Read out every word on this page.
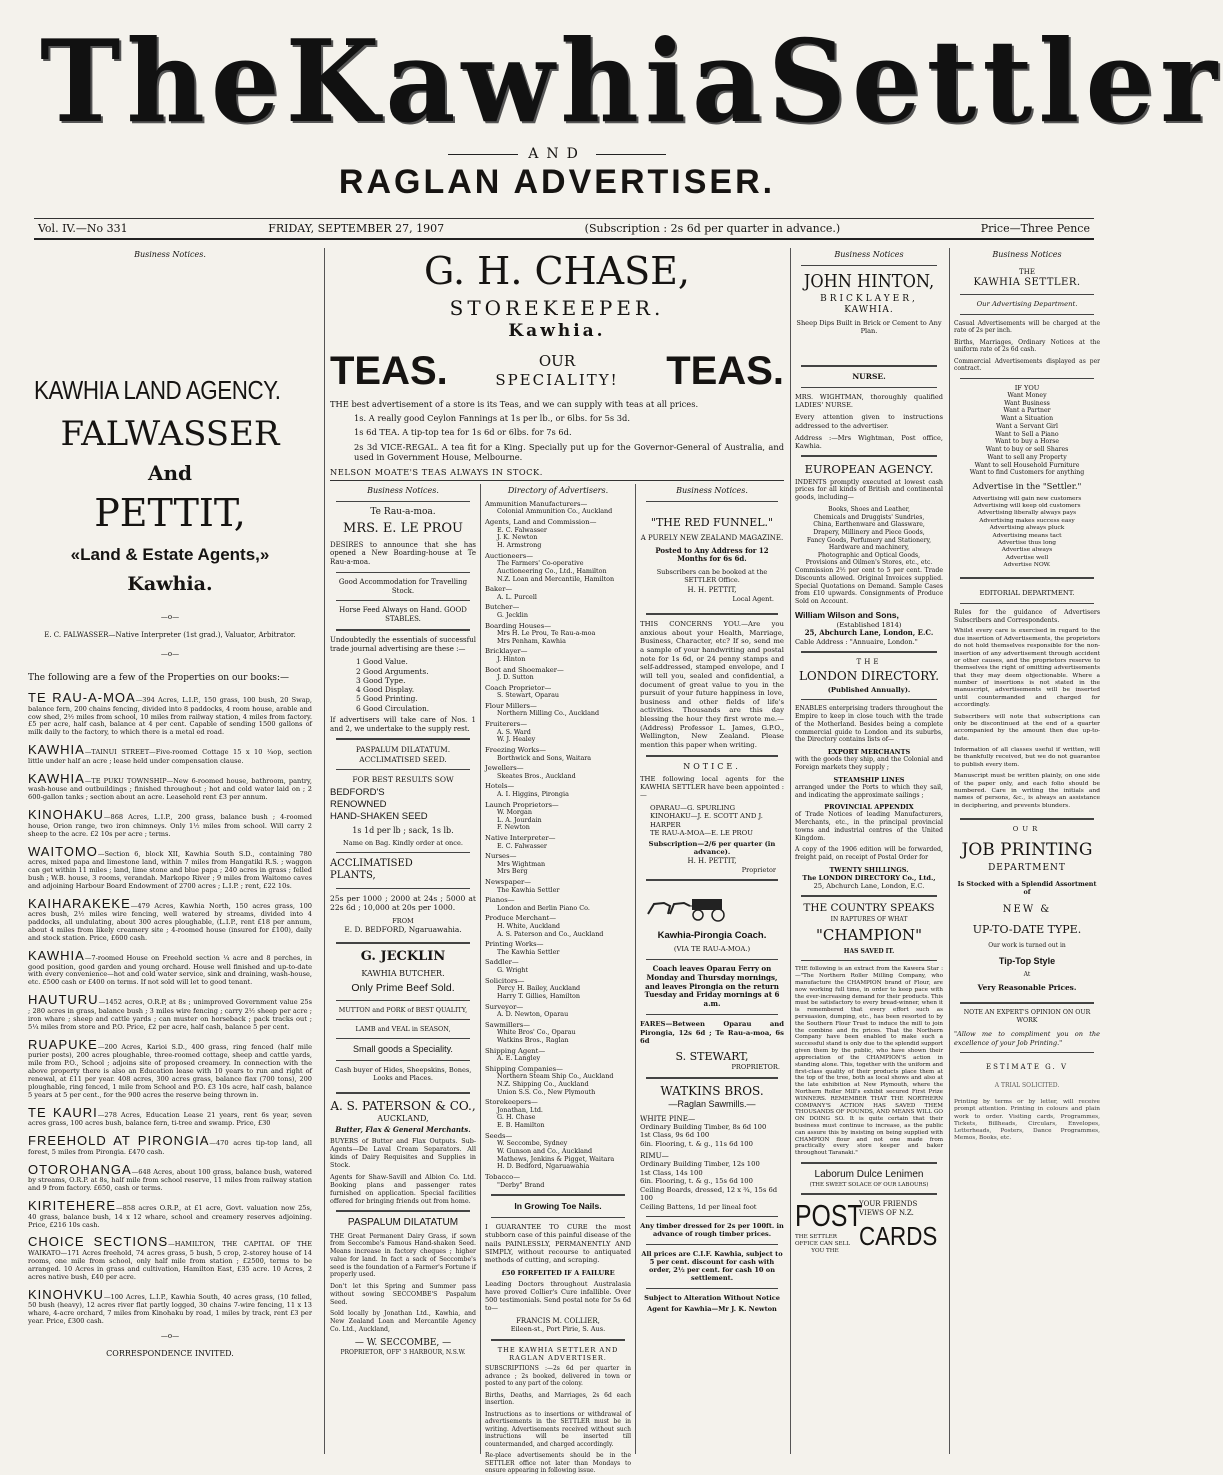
The Kawhia Settler
AND
RAGLAN ADVERTISER.
Vol. IV.—No 331	FRIDAY, SEPTEMBER 27, 1907	(Subscription : 2s 6d per quarter in advance.)	Price—Three Pence
Business Notices.
KAWHIA LAND AGENCY.
FALWASSER
And
PETTIT,
«Land & Estate Agents,»
Kawhia.
—o—
E. C. FALWASSER—Native Interpreter (1st grad.), Valuator, Arbitrator.
—o—
The following are a few of the Properties on our books:—
TE RAU-A-MOA—394 Acres, L.I.P., 150 grass, 100 bush, 20 Swap, balance fern, 200 chains fencing, divided into 8 paddocks, 4 room house, arable and cow shed, 2½ miles from school, 10 miles from railway station, 4 miles from factory. £5 per acre, half cash, balance at 4 per cent. Capable of sending 1500 gallons of milk daily to the factory, to which there is a metal ed road.
KAWHIA—TAINUI STREET—Five-roomed Cottage 15 x 10 ¼op, section little under half an acre ; lease held under compensation clause.
KAWHIA—TE PUKU TOWNSHIP—New 6-roomed house, bathroom, pantry, wash-house and outbuildings ; finished throughout ; hot and cold water laid on ; 2 600-gallon tanks ; section about an acre. Leasehold rent £3 per annum.
KINOHAKU—868 Acres, L.I.P., 200 grass, balance bush ; 4-roomed house, Orion range, two iron chimneys. Only 1½ miles from school. Will carry 2 sheep to the acre. £2 10s per acre ; terms.
WAITOMO—Section 6, block XII, Kawhia South S.D., containing 780 acres, mixed papa and limestone land, within 7 miles from Hangatiki R.S. ; waggon can get within 11 miles ; land, lime stone and blue papa ; 240 acres in grass ; felled bush ; W.B. house, 3 rooms, verandah. Markopo River ; 9 miles from Waitomo caves and adjoining Harbour Board Endowment of 2700 acres ; L.I.P. ; rent, £22 10s.
KAIHARAKEKE—479 Acres, Kawhia North, 150 acres grass, 100 acres bush, 2½ miles wire fencing, well watered by streams, divided into 4 paddocks, all undulating, about 300 acres ploughable, (L.I.P., rent £18 per annum, about 4 miles from likely creamery site ; 4-roomed house (insured for £100), daily and stock station. Price, £600 cash.
KAWHIA—7-roomed House on Freehold section ¼ acre and 8 perches, in good position, good garden and young orchard. House well finished and up-to-date with every convenience—hot and cold water service, sink and draining, wash-house, etc. £500 cash or £400 on terms. If not sold will let to good tenant.
HAUTURU—1452 acres, O.R.P, at 8s ; unimproved Government value 25s ; 280 acres in grass, balance bush ; 3 miles wire fencing ; carry 2½ sheep per acre ; iron whare ; sheep and cattle yards ; can muster on horseback ; pack tracks out ; 5¼ miles from store and P.O. Price, £2 per acre, half cash, balance 5 per cent.
RUAPUKE—200 Acres, Karioi S.D., 400 grass, ring fenced (half mile purier posts), 200 acres ploughable, three-roomed cottage, sheep and cattle yards, mile from P.O., School ; adjoins site of proposed creamery. In connection with the above property there is also an Education lease with 10 years to run and right of renewal, at £11 per year. 408 acres, 300 acres grass, balance flax (700 tons), 200 ploughable, ring fenced, 1 mile from School and P.O. £3 10s acre, half cash, balance 5 years at 5 per cent., for the 900 acres the reserve being thrown in.
TE KAURI—278 Acres, Education Lease 21 years, rent 6s year, seven acres grass, 100 acres bush, balance fern, ti-tree and swamp. Price, £30
FREEHOLD AT PIRONGIA—470 acres tip-top land, all forest, 5 miles from Pirongia. £470 cash.
OTOROHANGA—648 Acres, about 100 grass, balance bush, watered by streams, O.R.P. at 8s, half mile from school reserve, 11 miles from railway station and 9 from factory. £650, cash or terms.
KIRITEHERE—858 acres O.R.P., at £1 acre, Govt. valuation now 25s, 40 grass, balance bush, 14 x 12 whare, school and creamery reserves adjoining. Price, £216 10s cash.
CHOICE SECTIONS—HAMILTON, THE CAPITAL OF THE WAIKATO—171 Acres freehold, 74 acres grass, 5 bush, 5 crop, 2-storey house of 14 rooms, one mile from school, only half mile from station ; £2500, terms to be arranged. 10 Acres in grass and cultivation, Hamilton East, £35 acre. 10 Acres, 2 acres native bush, £40 per acre.
KINOHVKU—100 Acres, L.I.P., Kawhia South, 40 acres grass, (10 felled, 50 bush (heavy), 12 acres river flat partly logged, 30 chains 7-wire fencing, 11 x 13 whare, 4-acre orchard, 7 miles from Kinohaku by road, 1 miles by track, rent £3 per year. Price, £300 cash.
—o—
CORRESPONDENCE INVITED.
G. H. CHASE,
STOREKEEPER.
Kawhia.
TEAS.	OUR
SPECIALITY! TEAS.

THE best advertisement of a store is its Teas, and we can supply with teas at all prices.

1s. A really good Ceylon Fannings at 1s per lb., or 6lbs. for 5s 3d.

1s 6d TEA. A tip-top tea for 1s 6d or 6lbs. for 7s 6d.

2s 3d VICE-REGAL. A tea fit for a King. Specially put up for the Governor-General of Australia, and used in Government House, Melbourne.

NELSON MOATE'S TEAS ALWAYS IN STOCK.

Business Notices.
Te Rau-a-moa.
MRS. E. LE PROU

DESIRES to announce that she has opened a New Boarding-house at Te Rau-a-moa.

Good Accommodation for Travelling Stock.
Horse Feed Always on Hand. GOOD STABLES.

Undoubtedly the essentials of successful trade journal advertising are these :—

1 Good Value.
2 Good Arguments.
3 Good Type.
4 Good Display.
5 Good Printing.
6 Good Circulation.

If advertisers will take care of Nos. 1 and 2, we undertake to the supply rest.

PASPALUM DILATATUM.
ACCLIMATISED SEED.
FOR BEST RESULTS SOW
BEDFORD'S
RENOWNED
HAND-SHAKEN SEED
1s 1d per lb ; sack, 1s lb.
Name on Bag. Kindly order at once.
ACCLIMATISED
PLANTS,

25s per 1000 ; 2000 at 24s ; 5000 at 22s 6d ; 10,000 at 20s per 1000.

FROM
E. D. BEDFORD, Ngaruawahia.
G. JECKLIN
KAWHIA BUTCHER.
Only Prime Beef Sold.
MUTTON and PORK of BEST QUALITY,
LAMB and VEAL in SEASON,
Small goods a Speciality.
Cash buyer of Hides, Sheepskins, Bones, Looks and Places.
A. S. PATERSON & CO.,
AUCKLAND,
Butter, Flax & General Merchants.

BUYERS of Butter and Flax Outputs. Sub-Agents—De Laval Cream Separators. All kinds of Dairy Requisites and Supplies in Stock.

Agents for Shaw-Savill and Albion Co. Ltd. Booking plans and passenger rates furnished on application. Special facilities offered for bringing friends out from home.

PASPALUM DILATATUM

THE Great Permanent Dairy Grass, if sown from Seccombe's Famous Hand-shaken Seed. Means increase in factory cheques ; higher value for land. In fact a sack of Seccombe's seed is the foundation of a Farmer's Fortune if properly used.

Don't let this Spring and Summer pass without sowing SECCOMBE'S Paspalum Seed.

Sold locally by Jonathan Ltd., Kawhia, and New Zealand Loan and Mercantile Agency Co. Ltd., Auckland,

— W. SECCOMBE, —
PROPRIETOR, OFF' 3 HARBOUR, N.S.W.
Directory of Advertisers.
Ammunition Manufacturers—
Colonial Ammunition Co., Auckland
Agents, Land and Commission—
E. C. Falwasser
J. K. Newton
H. Armstrong
Auctioneers—
The Farmers' Co-operative Auctioneering Co., Ltd., Hamilton
N.Z. Loan and Mercantile, Hamilton
Baker—
A. L. Purcell
Butcher—
G. Jecklin
Boarding Houses—
Mrs H. Le Prou, Te Rau-a-moa
Mrs Penham, Kawhia
Bricklayer—
J. Hinton
Boot and Shoemaker—
J. D. Sutton
Coach Proprietor—
S. Stewart, Oparau
Flour Millers—
Northern Milling Co., Auckland
Fruiterers—
A. S. Ward
W. J. Healey
Freezing Works—
Borthwick and Sons, Waitara
Jewellers—
Skeates Bros., Auckland
Hotels—
A. I. Higgins, Pirongia
Launch Proprietors—
W. Morgan
L. A. Jourdain
F. Newton
Native Interpreter—
E. C. Falwasser
Nurses—
Mrs Wightman
Mrs Berg
Newspaper—
The Kawhia Settler
Pianos—
London and Berlin Piano Co.
Produce Merchant—
H. White, Auckland
A. S. Paterson and Co., Auckland
Printing Works—
The Kawhia Settler
Saddler—
G. Wright
Solicitors—
Percy H. Bailey, Auckland
Harry T. Gillies, Hamilton
Surveyor—
A. D. Newton, Oparau
Sawmillers—
White Bros' Co., Oparau
Watkins Bros., Raglan
Shipping Agent—
A. E. Langley
Shipping Companies—
Northern Steam Ship Co., Auckland
N.Z. Shipping Co., Auckland
Union S.S. Co., New Plymouth
Storekeepers—
Jonathan, Ltd.
G. H. Chase
E. B. Hamilton
Seeds—
W. Seccombe, Sydney
W. Gunson and Co., Auckland
Mathews, Jenkins & Pigget, Waitara
H. D. Bedford, Ngaruawahia
Tobacco—
"Derby" Brand
In Growing Toe Nails.

I GUARANTEE TO CURE the most stubborn case of this painful disease of the nails PAINLESSLY, PERMANENTLY AND SIMPLY, without recourse to antiquated methods of cutting, and scraping.

£50 FORFEITED IF A FAILURE

Leading Doctors throughout Australasia have proved Collier's Cure infallible. Over 500 testimonials. Send postal note for 5s 6d to—

FRANCIS M. COLLIER,
Eileen-st., Port Pirie, S. Aus.
THE KAWHIA SETTLER AND RAGLAN ADVERTISER.

SUBSCRIPTIONS :—2s 6d per quarter in advance ; 2s booked, delivered in town or posted to any part of the colony.

Births, Deaths, and Marriages, 2s 6d each insertion.

Instructions as to insertions or withdrawal of advertisements in the SETTLER must be in writing. Advertisements received without such instructions will be inserted till countermanded, and charged accordingly.

Re-place advertisements should be in the SETTLER office not later than Mondays to ensure appearing in following issue.

Business Notices.
"THE RED FUNNEL."
A PURELY NEW ZEALAND MAGAZINE.
Posted to Any Address for 12 Months for 6s 6d.
Subscribers can be booked at the SETTLER Office.
H. H. PETTIT,
Local Agent.

THIS CONCERNS YOU.—Are you anxious about your Health, Marriage, Business, Character, etc? If so, send me a sample of your handwriting and postal note for 1s 6d, or 24 penny stamps and self-addressed, stamped envelope, and I will tell you, sealed and confidential, a document of great value to you in the pursuit of your future happiness in love, business and other fields of life's activities. Thousands are this day blessing the hour they first wrote me.—(Address) Professor L. James, G.P.O., Wellington, New Zealand. Please mention this paper when writing.

NOTICE.

THE following local agents for the KAWHIA SETTLER have been appointed :—

OPARAU—G. SPURLING
KINOHAKU—J. E. SCOTT AND J. HARPER
TE RAU-A-MOA—E. LE PROU
Subscription—2/6 per quarter (in advance).
H. H. PETTIT,
Proprietor
Kawhia-Pirongia Coach.
(VIA TE RAU-A-MOA.)

Coach leaves Oparau Ferry on Monday and Thursday mornings, and leaves Pirongia on the return Tuesday and Friday mornings at 6 a.m.

FARES—Between Oparau and Pirongia, 12s 6d ; Te Rau-a-moa, 6s 6d

S. STEWART,
PROPRIETOR.
WATKINS BROS.
—Raglan Sawmills.—
WHITE PINE—
Ordinary Building Timber, 8s 6d 100
1st Class, 9s 6d 100
6in. Flooring, t. & g., 11s 6d 100
RIMU—
Ordinary Building Timber, 12s 100
1st Class, 14s 100
6in. Flooring, t. & g., 15s 6d 100
Ceiling Boards, dressed, 12 x ¾, 15s 6d 100
Ceiling Battens, 1d per lineal foot

Any timber dressed for 2s per 100ft. in advance of rough timber prices.

All prices are C.I.F. Kawhia, subject to 5 per cent. discount for cash with order, 2½ per cent. for cash 10 on settlement.

Subject to Alteration Without Notice
Agent for Kawhia—Mr J. K. Newton
Business Notices
JOHN HINTON,
BRICKLAYER,
KAWHIA.
Sheep Dips Built in Brick or Cement to Any Plan.
NURSE.

MRS. WIGHTMAN, thoroughly qualified LADIES' NURSE.

Every attention given to instructions addressed to the advertiser.

Address :—Mrs Wightman, Post office, Kawhia.

EUROPEAN AGENCY.

INDENTS promptly executed at lowest cash prices for all kinds of British and continental goods, including—

Books, Shoes and Leather,
Chemicals and Druggists' Sundries,
China, Earthenware and Glassware,
Drapery, Millinery and Piece Goods,
Fancy Goods, Perfumery and Stationery,
Hardware and machinery,
Photographic and Optical Goods,
Provisions and Oilmen's Stores, etc., etc.

Commission 2½ per cent to 5 per cent. Trade Discounts allowed. Original Invoices supplied. Special Quotations on Demand. Sample Cases from £10 upwards. Consignments of Produce Sold on Account.

William Wilson and Sons,
(Established 1814)
25, Abchurch Lane, London, E.C.
Cable Address : "Annuaire, London."
THE
LONDON DIRECTORY.
(Published Annually).

ENABLES enterprising traders throughout the Empire to keep in close touch with the trade of the Motherland. Besides being a complete commercial guide to London and its suburbs, the Directory contains lists of—

EXPORT MERCHANTS

with the goods they ship, and the Colonial and Foreign markets they supply ;

STEAMSHIP LINES

arranged under the Ports to which they sail, and indicating the approximate sailings ;

PROVINCIAL APPENDIX

of Trade Notices of leading Manufacturers, Merchants, etc., in the principal provincial towns and industrial centres of the United Kingdom.

A copy of the 1906 edition will be forwarded, freight paid, on receipt of Postal Order for

TWENTY SHILLINGS.
The LONDON DIRECTORY Co., Ltd.,
25, Abchurch Lane, London, E.C.
THE COUNTRY SPEAKS
IN RAPTURES OF WHAT
"CHAMPION"
HAS SAVED IT.

THE following is an extract from the Kawera Star :—"The Northern Roller Milling Company, who manufacture the CHAMPION brand of Flour, are now working full time, in order to keep pace with the ever-increasing demand for their products. This must be satisfactory to every bread-winner, when it is remembered that every effort such as persuasion, dumping, etc., has been resorted to by the Southern Flour Trust to induce the mill to join the combine and fix prices. That the Northern Company have been enabled to make such a successful stand is only due to the splendid support given them by the public, who have shown their appreciation of the CHAMPION'S action in standing alone. This, together with the uniform and first-class quality of their products place them at the top of the tree, both as local shows and also at the late exhibition at New Plymouth, where the Northern Roller Mill's exhibit secured First Prize WINNERS. REMEMBER THAT THE NORTHERN COMPANY'S ACTION HAS SAVED THEM THOUSANDS OF POUNDS, AND MEANS WILL GO ON DOING SO. It is quite certain that their business must continue to increase, as the public can assure this by insisting on being supplied with CHAMPION flour and not one made from practically every store keeper and baker throughout Taranaki."

Laborum Dulce Lenimen
(THE SWEET SOLACE OF OUR LABOURS)
POST
THE SETTLER OFFICE CAN SELL
YOU THE
YOUR FRIENDS
VIEWS OF N.Z.
CARDS
Business Notices
THE
KAWHIA SETTLER.
Our Advertising Department.

Casual Advertisements will be charged at the rate of 2s per inch.

Births, Marriages, Ordinary Notices at the uniform rate of 2s 6d cash.

Commercial Advertisements displayed as per contract.

IF YOU
Want Money
Want Business
Want a Partner
Want a Situation
Want a Servant Girl
Want to Sell a Piano
Want to buy a Horse
Want to buy or sell Shares
Want to sell any Property
Want to sell Household Furniture
Want to find Customers for anything
Advertise in the "Settler."
Advertising will gain new customers
Advertising will keep old customers
Advertising liberally always pays
Advertising makes success easy
Advertising always pluck
Advertising means tact
Advertise thus long
Advertise always
Advertise well
Advertise NOW.
EDITORIAL DEPARTMENT.

Rules for the guidance of Advertisers Subscribers and Correspondents.

Whilst every care is exercised in regard to the due insertion of Advertisements, the proprietors do not hold themselves responsible for the non-insertion of any advertisement through accident or other causes, and the proprietors reserve to themselves the right of omitting advertisements that they may deem objectionable. Where a number of insertions is not stated in the manuscript, advertisements will be inserted until countermanded and charged for accordingly.

Subscribers will note that subscriptions can only be discontinued at the end of a quarter accompanied by the amount then due up-to-date.

Information of all classes useful if written, will be thankfully received, but we do not guarantee to publish every item.

Manuscript must be written plainly, on one side of the paper only, and each folio should be numbered. Care in writing the initials and names of persons, &c., is always an assistance in deciphering, and prevents blunders.

OUR
JOB PRINTING
DEPARTMENT
Is Stocked with a Splendid Assortment of
NEW &
UP-TO-DATE TYPE.
Our work is turned out in
Tip-Top Style
At
Very Reasonable Prices.
NOTE AN EXPERT'S OPINION ON OUR WORK

"Allow me to compliment you on the excellence of your Job Printing."

ESTIMATE G. V
A TRIAL SOLICITED.

Printing by terms or by letter, will receive prompt attention. Printing in colours and plain work to order. Visiting cards, Programmes, Tickets, Billheads, Circulars, Envelopes, Letterheads, Posters, Dance Programmes, Memos, Books, etc.
